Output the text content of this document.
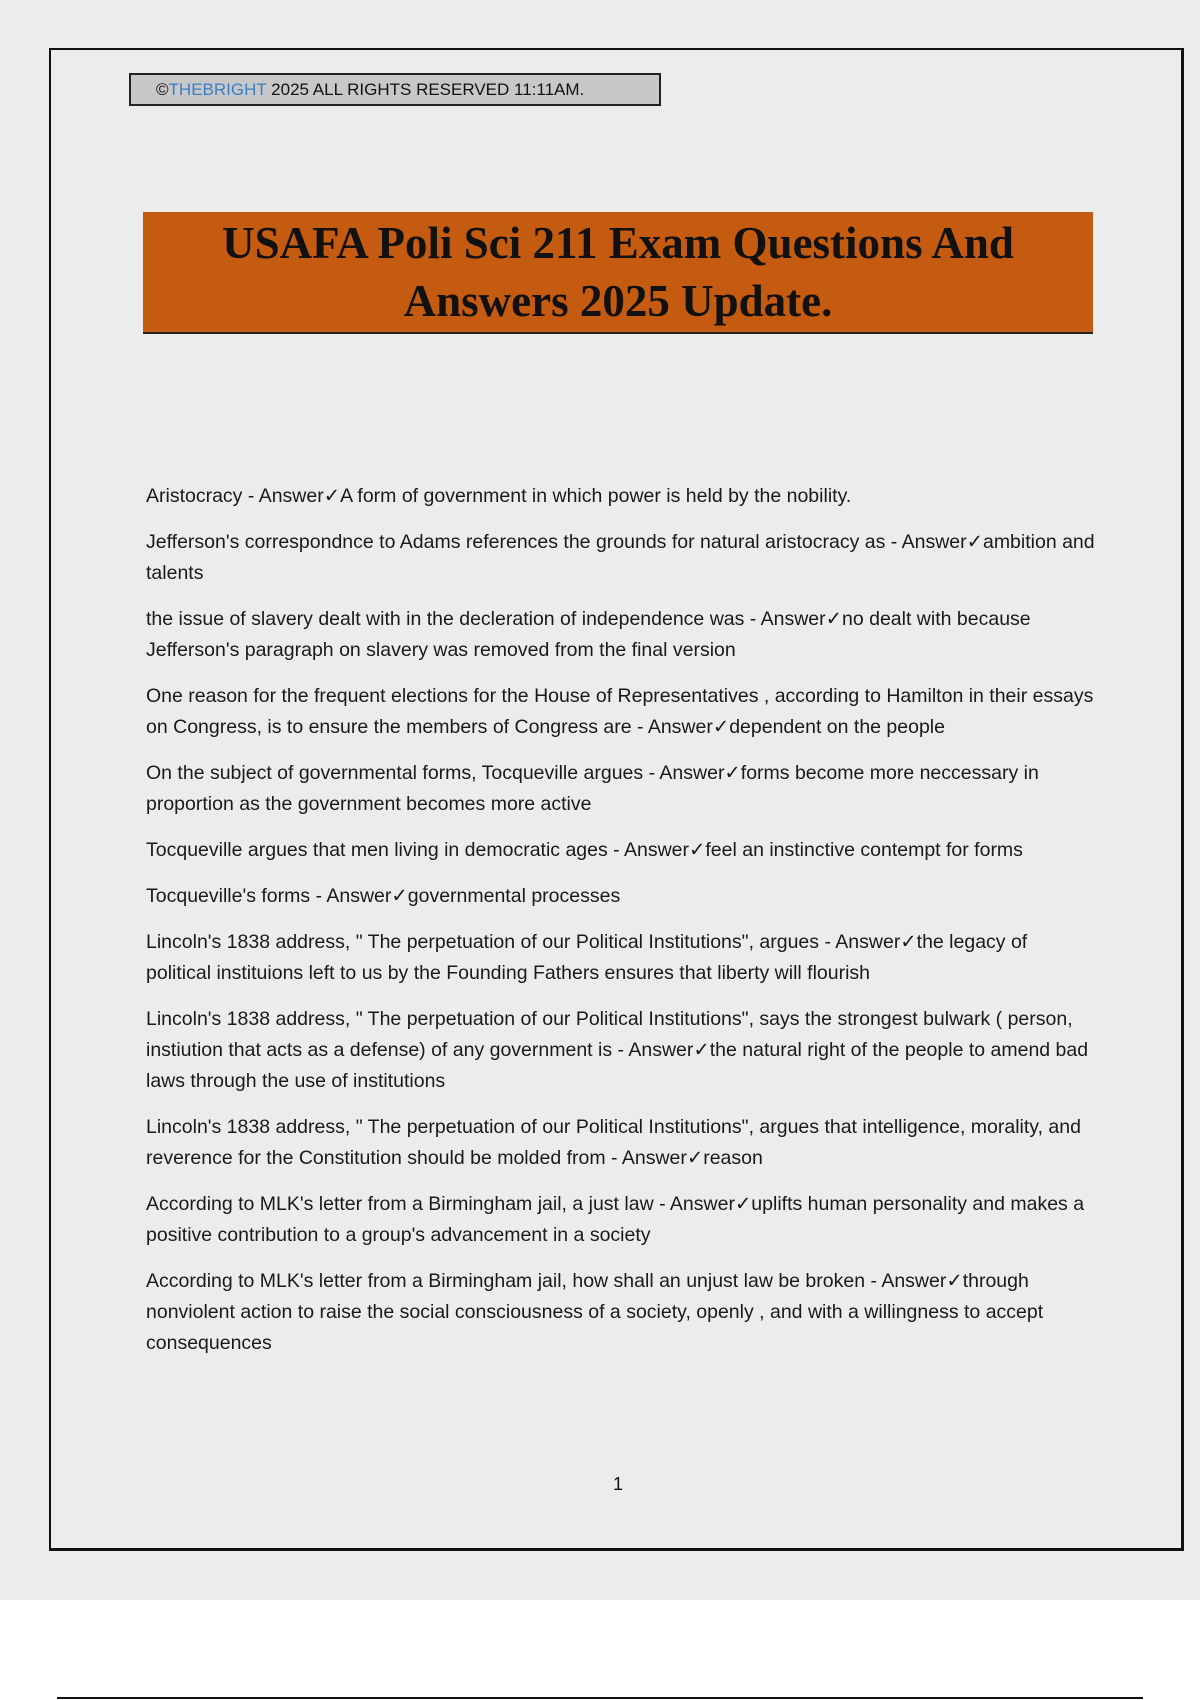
©THEBRIGHT 2025 ALL RIGHTS RESERVED 11:11AM.
USAFA Poli Sci 211 Exam Questions And
Answers 2025 Update.

Aristocracy - Answer✓A form of government in which power is held by the nobility.

Jefferson's correspondnce to Adams references the grounds for natural aristocracy as - Answer✓ambition and talents

the issue of slavery dealt with in the decleration of independence was - Answer✓no dealt with because Jefferson's paragraph on slavery was removed from the final version

One reason for the frequent elections for the House of Representatives , according to Hamilton in their essays on Congress, is to ensure the members of Congress are - Answer✓dependent on the people

On the subject of governmental forms, Tocqueville argues - Answer✓forms become more neccessary in proportion as the government becomes more active

Tocqueville argues that men living in democratic ages - Answer✓feel an instinctive contempt for forms

Tocqueville's forms - Answer✓governmental processes

Lincoln's 1838 address, " The perpetuation of our Political Institutions", argues - Answer✓the legacy of political instituions left to us by the Founding Fathers ensures that liberty will flourish

Lincoln's 1838 address, " The perpetuation of our Political Institutions", says the strongest bulwark ( person, instiution that acts as a defense) of any government is - Answer✓the natural right of the people to amend bad laws through the use of institutions

Lincoln's 1838 address, " The perpetuation of our Political Institutions", argues that intelligence, morality, and reverence for the Constitution should be molded from - Answer✓reason

According to MLK's letter from a Birmingham jail, a just law - Answer✓uplifts human personality and makes a positive contribution to a group's advancement in a society

According to MLK's letter from a Birmingham jail, how shall an unjust law be broken - Answer✓through nonviolent action to raise the social consciousness of a society, openly , and with a willingness to accept consequences

1
